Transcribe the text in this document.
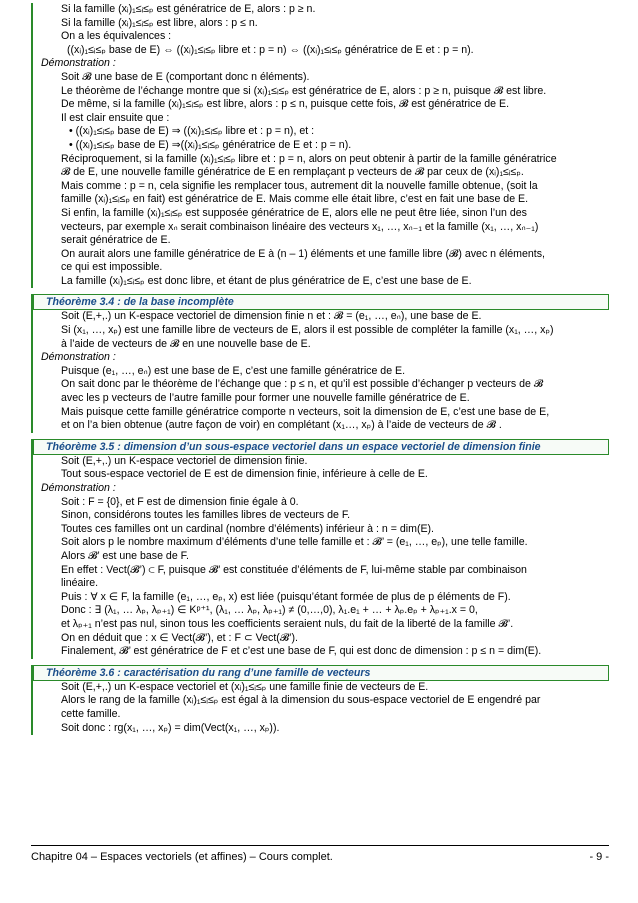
Si la famille (xᵢ)₁≤ᵢ≤ₚ est génératrice de E, alors : p ≥ n.
Si la famille (xᵢ)₁≤ᵢ≤ₚ est libre, alors : p ≤ n.
On a les équivalences :
((xᵢ)₁≤ᵢ≤ₚ base de E) ⇔ ((xᵢ)₁≤ᵢ≤ₚ libre et : p = n) ⇔ ((xᵢ)₁≤ᵢ≤ₚ génératrice de E et : p = n).
Démonstration :
Soit 𝓑 une base de E (comportant donc n éléments).
Le théorème de l’échange montre que si (xᵢ)₁≤ᵢ≤ₚ est génératrice de E, alors : p ≥ n, puisque 𝓑 est libre.
De même, si la famille (xᵢ)₁≤ᵢ≤ₚ est libre, alors : p ≤ n, puisque cette fois, 𝓑 est génératrice de E.
Il est clair ensuite que :
• ((xᵢ)₁≤ᵢ≤ₚ base de E) ⇒ ((xᵢ)₁≤ᵢ≤ₚ libre et : p = n), et :
• ((xᵢ)₁≤ᵢ≤ₚ base de E) ⇒((xᵢ)₁≤ᵢ≤ₚ génératrice de E et : p = n).
Réciproquement, si la famille (xᵢ)₁≤ᵢ≤ₚ libre et : p = n, alors on peut obtenir à partir de la famille génératrice
𝓑 de E, une nouvelle famille génératrice de E en remplaçant p vecteurs de 𝓑 par ceux de (xᵢ)₁≤ᵢ≤ₚ.
Mais comme : p = n, cela signifie les remplacer tous, autrement dit la nouvelle famille obtenue, (soit la
famille (xᵢ)₁≤ᵢ≤ₚ en fait) est génératrice de E. Mais comme elle était libre, c’est en fait une base de E.
Si enfin, la famille (xᵢ)₁≤ᵢ≤ₚ est supposée génératrice de E, alors elle ne peut être liée, sinon l’un des
vecteurs, par exemple xₙ serait combinaison linéaire des vecteurs x₁, …, xₙ₋₁ et la famille (x₁, …, xₙ₋₁)
serait génératrice de E.
On aurait alors une famille génératrice de E à (n – 1) éléments et une famille libre (𝓑) avec n éléments,
ce qui est impossible.
La famille (xᵢ)₁≤ᵢ≤ₚ est donc libre, et étant de plus génératrice de E, c’est une base de E.
Théorème 3.4 : de la base incomplète
Soit (E,+,.) un K-espace vectoriel de dimension finie n et : 𝓑 = (e₁, …, eₙ), une base de E.
Si (x₁, …, xₚ) est une famille libre de vecteurs de E, alors il est possible de compléter la famille (x₁, …, xₚ)
à l’aide de vecteurs de 𝓑 en une nouvelle base de E.
Démonstration :
Puisque (e₁, …, eₙ) est une base de E, c’est une famille génératrice de E.
On sait donc par le théorème de l’échange que : p ≤ n, et qu’il est possible d’échanger p vecteurs de 𝓑
avec les p vecteurs de l’autre famille pour former une nouvelle famille génératrice de E.
Mais puisque cette famille génératrice comporte n vecteurs, soit la dimension de E, c’est une base de E,
et on l’a bien obtenue (autre façon de voir) en complétant (x₁…, xₚ) à l’aide de vecteurs de 𝓑 .
Théorème 3.5 : dimension d’un sous-espace vectoriel dans un espace vectoriel de dimension finie
Soit (E,+,.) un K-espace vectoriel de dimension finie.
Tout sous-espace vectoriel de E est de dimension finie, inférieure à celle de E.
Démonstration :
Soit : F = {0}, et F est de dimension finie égale à 0.
Sinon, considérons toutes les familles libres de vecteurs de F.
Toutes ces familles ont un cardinal (nombre d’éléments) inférieur à : n = dim(E).
Soit alors p le nombre maximum d’éléments d’une telle famille et : 𝓑’ = (e₁, …, eₚ), une telle famille.
Alors 𝓑’ est une base de F.
En effet : Vect(𝓑’) ⊂ F, puisque 𝓑’ est constituée d’éléments de F, lui-même stable par combinaison
linéaire.
Puis : ∀ x ∈ F, la famille (e₁, …, eₚ, x) est liée (puisqu’étant formée de plus de p éléments de F).
Donc : ∃ (λ₁, … λₚ, λₚ₊₁) ∈ Kᵖ⁺¹, (λ₁, … λₚ, λₚ₊₁) ≠ (0,…,0), λ₁.e₁ + … + λₚ.eₚ + λₚ₊₁.x = 0,
et λₚ₊₁ n’est pas nul, sinon tous les coefficients seraient nuls, du fait de la liberté de la famille 𝓑’.
On en déduit que : x ∈ Vect(𝓑’), et : F ⊂ Vect(𝓑’).
Finalement, 𝓑’ est génératrice de F et c’est une base de F, qui est donc de dimension : p ≤ n = dim(E).
Théorème 3.6 : caractérisation du rang d’une famille de vecteurs
Soit (E,+,.) un K-espace vectoriel et (xᵢ)₁≤ᵢ≤ₚ une famille finie de vecteurs de E.
Alors le rang de la famille (xᵢ)₁≤ᵢ≤ₚ est égal à la dimension du sous-espace vectoriel de E engendré par
cette famille.
Soit donc : rg(x₁, …, xₚ) = dim(Vect(x₁, …, xₚ)).
Chapitre 04 – Espaces vectoriels (et affines) – Cours complet.	- 9 -
